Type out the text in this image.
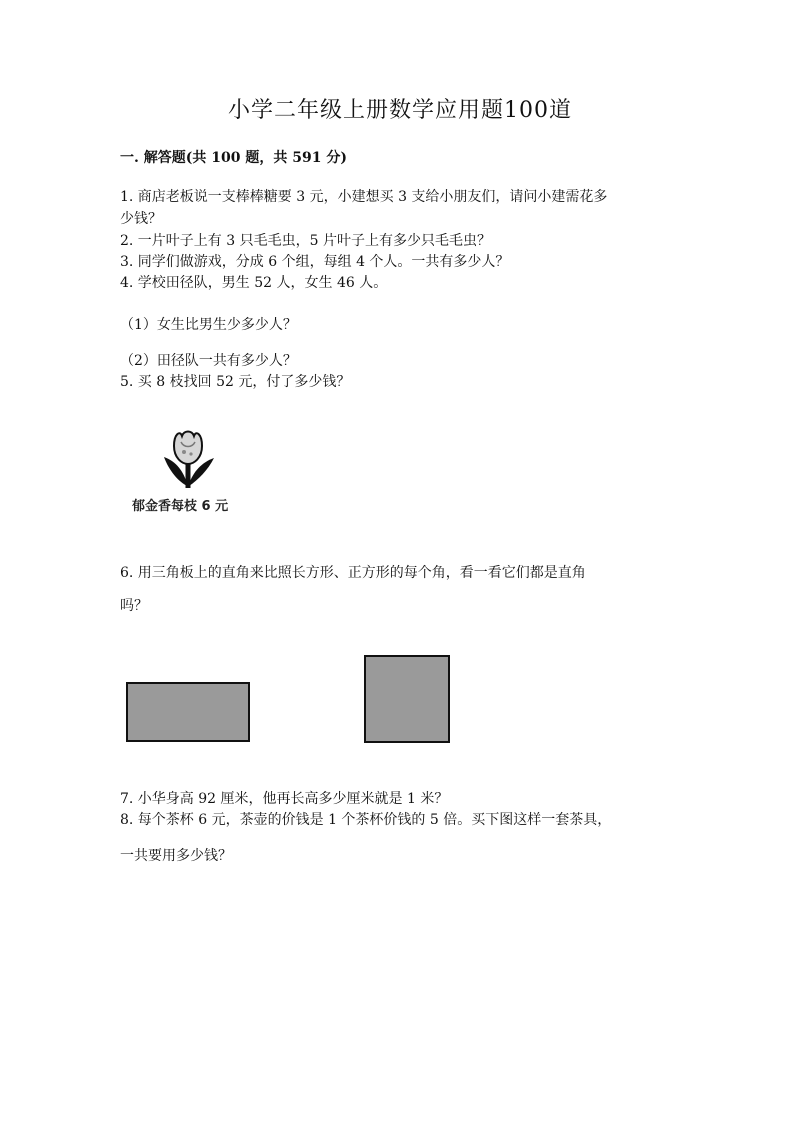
小学二年级上册数学应用题100道
一. 解答题(共 100 题，共 591 分)
1. 商店老板说一支棒棒糖要 3 元，小建想买 3 支给小朋友们，请问小建需花多
少钱？
2. 一片叶子上有 3 只毛毛虫，5 片叶子上有多少只毛毛虫？
3. 同学们做游戏，分成 6 个组，每组 4 个人。一共有多少人？
4. 学校田径队，男生 52 人，女生 46 人。
（1）女生比男生少多少人？
（2）田径队一共有多少人？
5. 买 8 枝找回 52 元，付了多少钱？
郁金香每枝 6 元
6. 用三角板上的直角来比照长方形、正方形的每个角，看一看它们都是直角
吗？
7. 小华身高 92 厘米，他再长高多少厘米就是 1 米？
8. 每个茶杯 6 元，茶壶的价钱是 1 个茶杯价钱的 5 倍。买下图这样一套茶具，
一共要用多少钱？
